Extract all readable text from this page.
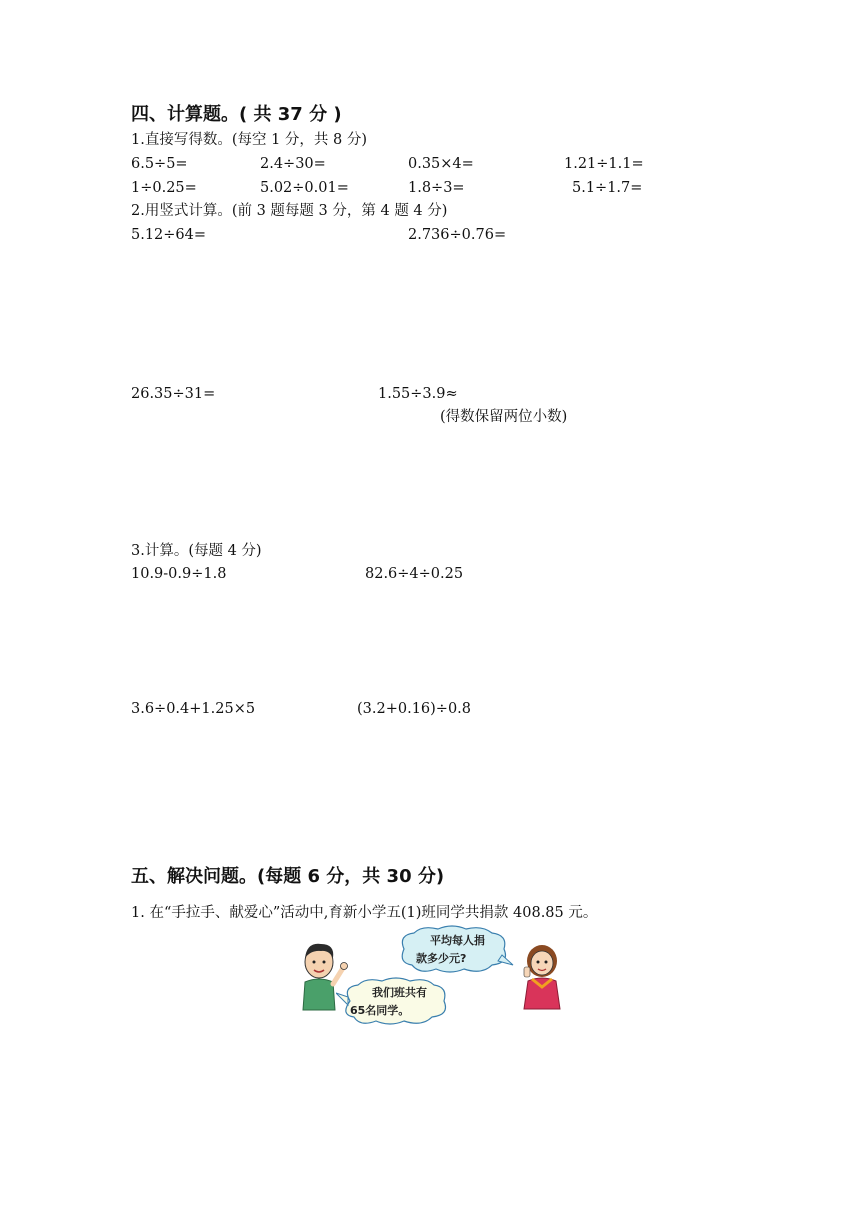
四、计算题。( 共 37 分 )
1.直接写得数。(每空 1 分，共 8 分)
6.5÷5=	2.4÷30=	0.35×4=	1.21÷1.1=
1÷0.25=	5.02÷0.01=	1.8÷3=	5.1÷1.7=
2.用竖式计算。(前 3 题每题 3 分，第 4 题 4 分)
5.12÷64=	2.736÷0.76=
26.35÷31=	1.55÷3.9≈
(得数保留两位小数)
3.计算。(每题 4 分)
10.9-0.9÷1.8	82.6÷4÷0.25
3.6÷0.4+1.25×5	(3.2+0.16)÷0.8
五、解决问题。(每题 6 分，共 30 分)
1. 在“手拉手、献爱心”活动中,育新小学五(1)班同学共捐款 408.85 元。
平均每人捐
款多少元?
我们班共有
65名同学。
